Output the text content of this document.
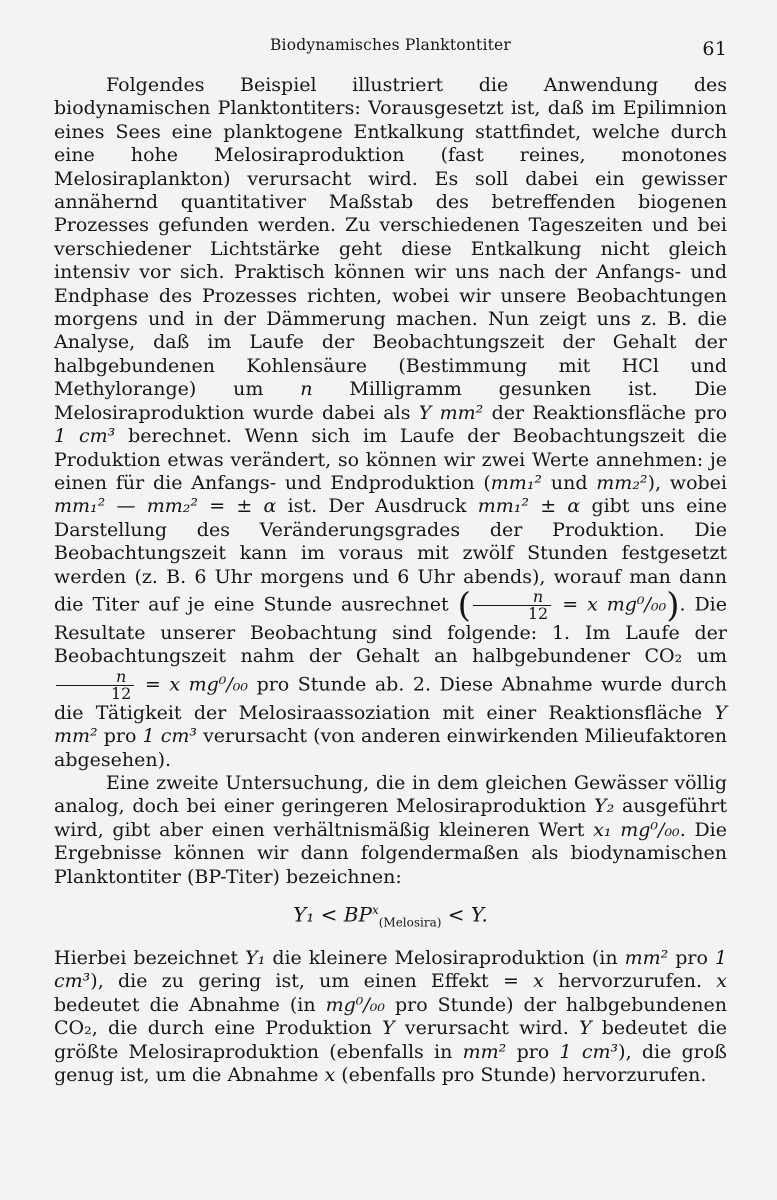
Biodynamisches Planktontiter	61

Folgendes Beispiel illustriert die Anwendung des biodynamischen Planktontiters: Vorausgesetzt ist, daß im Epilimnion eines Sees eine planktogene Entkalkung stattfindet, welche durch eine hohe Melosiraproduktion (fast reines, monotones Melosiraplankton) verursacht wird. Es soll dabei ein gewisser annähernd quantitativer Maßstab des betreffenden biogenen Prozesses gefunden werden. Zu verschiedenen Tageszeiten und bei verschiedener Lichtstärke geht diese Entkalkung nicht gleich intensiv vor sich. Praktisch können wir uns nach der Anfangs- und Endphase des Prozesses richten, wobei wir unsere Beobachtungen morgens und in der Dämmerung machen. Nun zeigt uns z. B. die Analyse, daß im Laufe der Beobachtungszeit der Gehalt der halbgebundenen Kohlensäure (Bestimmung mit HCl und Methylorange) um n Milligramm gesunken ist. Die Melosiraproduktion wurde dabei als Y mm² der Reaktionsfläche pro 1 cm³ berechnet. Wenn sich im Laufe der Beobachtungszeit die Produktion etwas verändert, so können wir zwei Werte annehmen: je einen für die Anfangs- und Endproduktion (mm₁² und mm₂²), wobei mm₁² — mm₂² = ± α ist. Der Ausdruck mm₁² ± α gibt uns eine Darstellung des Veränderungsgrades der Produktion. Die Beobachtungszeit kann im voraus mit zwölf Stunden festgesetzt werden (z. B. 6 Uhr morgens und 6 Uhr abends), worauf man dann die Titer auf je eine Stunde ausrechnet ( $\frac{n}{12} = x$ mg⁰/₀₀). Die Resultate unserer Beobachtung sind folgende: 1. Im Laufe der Beobachtungszeit nahm der Gehalt an halbgebundener CO₂ um
$\frac{n}{12} = x$ mg⁰/₀₀ pro Stunde ab. 2. Diese Abnahme wurde durch die Tätigkeit der Melosiraassoziation mit einer Reaktionsfläche Y mm² pro 1 cm³ verursacht (von anderen einwirkenden Milieufaktoren abgesehen).

Eine zweite Untersuchung, die in dem gleichen Gewässer völlig analog, doch bei einer geringeren Melosiraproduktion Y₂ ausgeführt wird, gibt aber einen verhältnismäßig kleineren Wert x₁ mg⁰/₀₀. Die Ergebnisse können wir dann folgendermaßen als biodynamischen Planktontiter (BP-Titer) bezeichnen:

$Y_1 < BP^x_{(Melosira)} < Y$.

Hierbei bezeichnet Y₁ die kleinere Melosiraproduktion (in mm² pro 1 cm³), die zu gering ist, um einen Effekt = x hervorzurufen. x bedeutet die Abnahme (in mg⁰/₀₀ pro Stunde) der halbgebundenen CO₂, die durch eine Produktion Y verursacht wird. Y bedeutet die größte Melosiraproduktion (ebenfalls in mm² pro 1 cm³), die groß genug ist, um die Abnahme x (ebenfalls pro Stunde) hervorzurufen.
